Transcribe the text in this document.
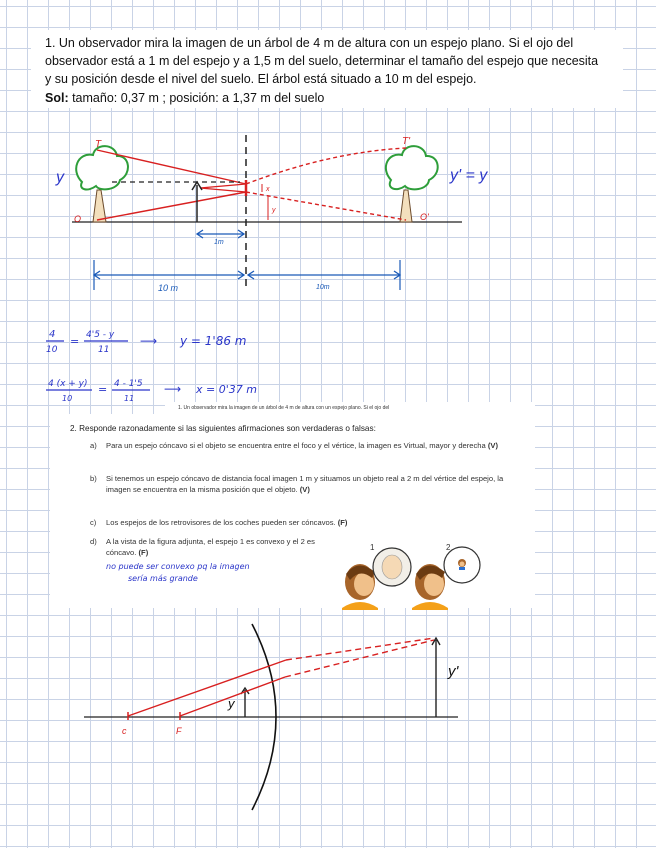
1. Un observador mira la imagen de un árbol de 4 m de altura con un espejo plano. Si el ojo del observador está a 1 m del espejo y a 1,5 m del suelo, determinar el tamaño del espejo que necesita y su posición desde el nivel del suelo. El árbol está situado a 10 m del espejo.

Sol: tamaño: 0,37 m ; posición: a 1,37 m del suelo

T
O
y
T'
O'
y' = y
x
y
1m
10 m	10m
4
10
= 4'5 - y
11
⟶ y = 1'86 m
4 (x + y)
10
= 4 - 1'5
11
⟶ x = 0'37 m
1. Un observador mira la imagen de un árbol de 4 m de altura con un espejo plano. Si el ojo del
2. Responde razonadamente si las siguientes afirmaciones son verdaderas o falsas:
a) Para un espejo cóncavo si el objeto se encuentra entre el foco y el vértice, la imagen es Virtual, mayor y derecha (V)
b) Si tenemos un espejo cóncavo de distancia focal imagen 1 m y situamos un objeto real a 2 m del vértice del espejo, la imagen se encuentra en la misma posición que el objeto. (V)
c) Los espejos de los retrovisores de los coches pueden ser cóncavos. (F)
d) A la vista de la figura adjunta, el espejo 1 es convexo y el 2 es cóncavo. (F)
no puede ser convexo pq la imagen
sería más grande
1	2
c	F
y
y'
